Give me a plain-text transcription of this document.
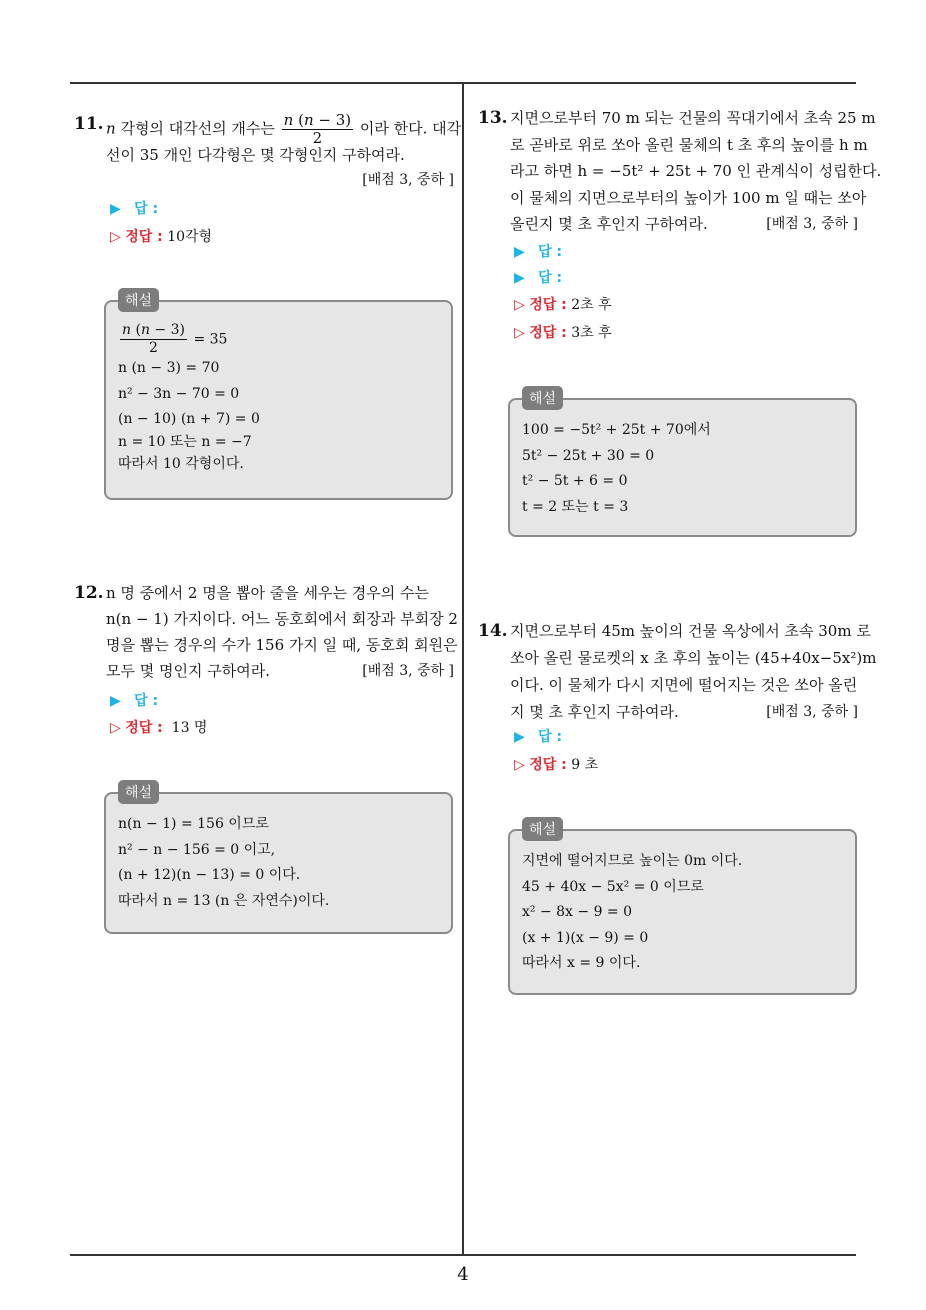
11. n 각형의 대각선의 개수는 $\frac{n (n - 3)}{2}$ 이라 한다. 대각
선이 35 개인 다각형은 몇 각형인지 구하여라.
[배점 3, 중하 ]
▶ 답 :
▷ 정답 : 10각형
해설
$\frac{n (n - 3)}{2} = 35$
n (n − 3) = 70
n² − 3n − 70 = 0
(n − 10) (n + 7) = 0
n = 10 또는 n = −7
따라서 10 각형이다.
12. n 명 중에서 2 명을 뽑아 줄을 세우는 경우의 수는
n(n − 1) 가지이다. 어느 동호회에서 회장과 부회장 2
명을 뽑는 경우의 수가 156 가지 일 때, 동호회 회원은
모두 몇 명인지 구하여라.	[배점 3, 중하 ]
▶ 답 :
▷ 정답 : 13 명
해설
n(n − 1) = 156 이므로
n² − n − 156 = 0 이고,
(n + 12)(n − 13) = 0 이다.
따라서 n = 13 (n 은 자연수)이다.
13. 지면으로부터 70 m 되는 건물의 꼭대기에서 초속 25 m
로 곧바로 위로 쏘아 올린 물체의 t 초 후의 높이를 h m
라고 하면 h = −5t² + 25t + 70 인 관계식이 성립한다.
이 물체의 지면으로부터의 높이가 100 m 일 때는 쏘아
올린지 몇 초 후인지 구하여라.	[배점 3, 중하 ]
▶ 답 :
▶ 답 :
▷ 정답 : 2초 후
▷ 정답 : 3초 후
해설
100 = −5t² + 25t + 70에서
5t² − 25t + 30 = 0
t² − 5t + 6 = 0
t = 2 또는 t = 3
14. 지면으로부터 45m 높이의 건물 옥상에서 초속 30m 로
쏘아 올린 물로켓의 x 초 후의 높이는 (45+40x−5x²)m
이다. 이 물체가 다시 지면에 떨어지는 것은 쏘아 올린
지 몇 초 후인지 구하여라.	[배점 3, 중하 ]
▶ 답 :
▷ 정답 : 9 초
해설
지면에 떨어지므로 높이는 0m 이다.
45 + 40x − 5x² = 0 이므로
x² − 8x − 9 = 0
(x + 1)(x − 9) = 0
따라서 x = 9 이다.
4
